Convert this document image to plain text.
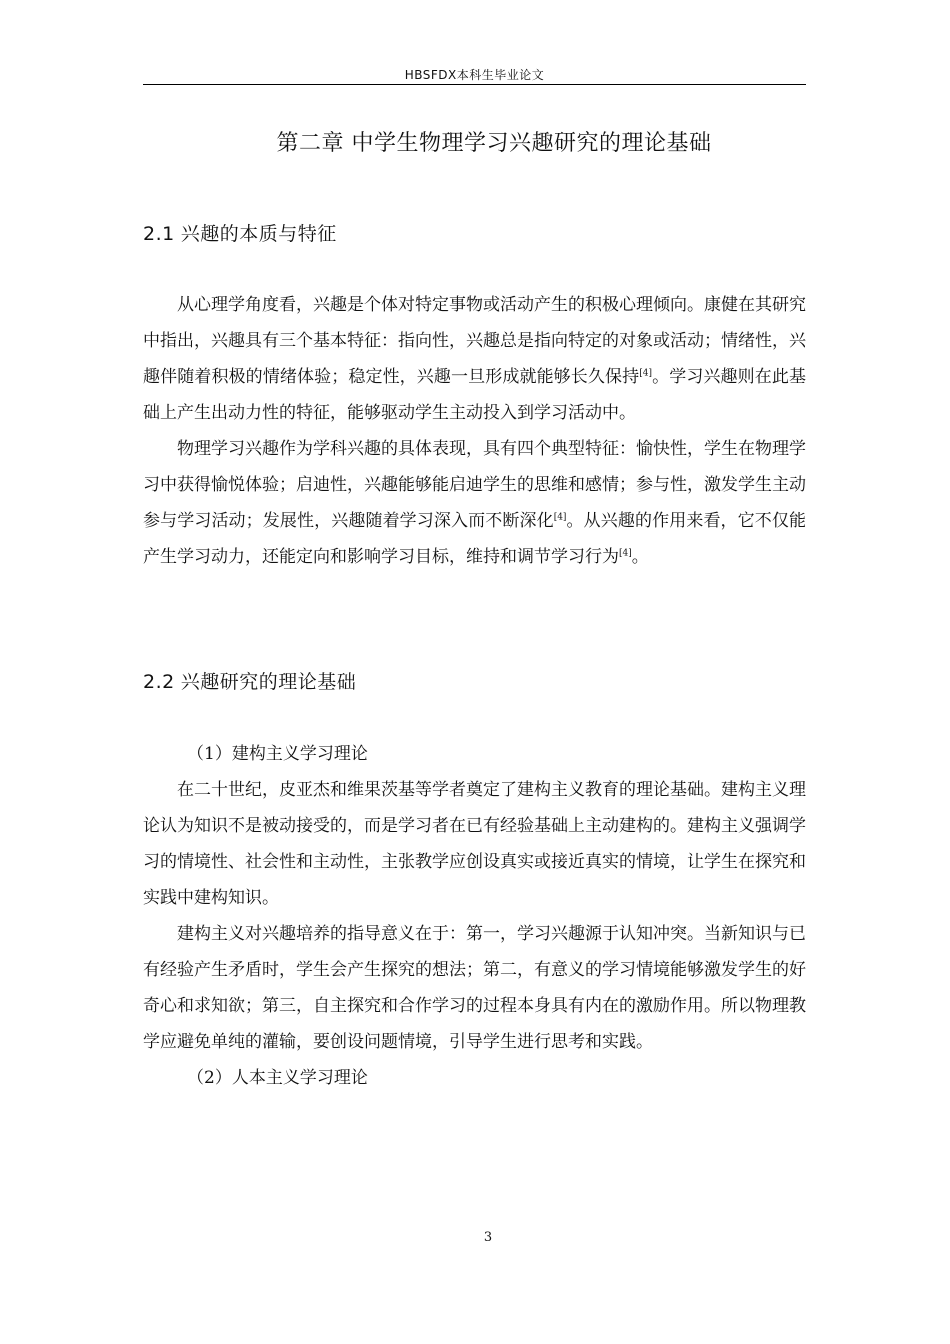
HBSFDX本科生毕业论文
第二章 中学生物理学习兴趣研究的理论基础
2.1 兴趣的本质与特征

从心理学角度看，兴趣是个体对特定事物或活动产生的积极心理倾向。康健在其研究中指出，兴趣具有三个基本特征：指向性，兴趣总是指向特定的对象或活动；情绪性，兴趣伴随着积极的情绪体验；稳定性，兴趣一旦形成就能够长久保持[4]。学习兴趣则在此基础上产生出动力性的特征，能够驱动学生主动投入到学习活动中。

物理学习兴趣作为学科兴趣的具体表现，具有四个典型特征：愉快性，学生在物理学习中获得愉悦体验；启迪性，兴趣能够能启迪学生的思维和感情；参与性，激发学生主动参与学习活动；发展性，兴趣随着学习深入而不断深化[4]。从兴趣的作用来看，它不仅能产生学习动力，还能定向和影响学习目标，维持和调节学习行为[4]。

2.2 兴趣研究的理论基础

（1）建构主义学习理论

在二十世纪，皮亚杰和维果茨基等学者奠定了建构主义教育的理论基础。建构主义理论认为知识不是被动接受的，而是学习者在已有经验基础上主动建构的。建构主义强调学习的情境性、社会性和主动性，主张教学应创设真实或接近真实的情境，让学生在探究和实践中建构知识。

建构主义对兴趣培养的指导意义在于：第一，学习兴趣源于认知冲突。当新知识与已有经验产生矛盾时，学生会产生探究的想法；第二，有意义的学习情境能够激发学生的好奇心和求知欲；第三，自主探究和合作学习的过程本身具有内在的激励作用。所以物理教学应避免单纯的灌输，要创设问题情境，引导学生进行思考和实践。

（2）人本主义学习理论

3
